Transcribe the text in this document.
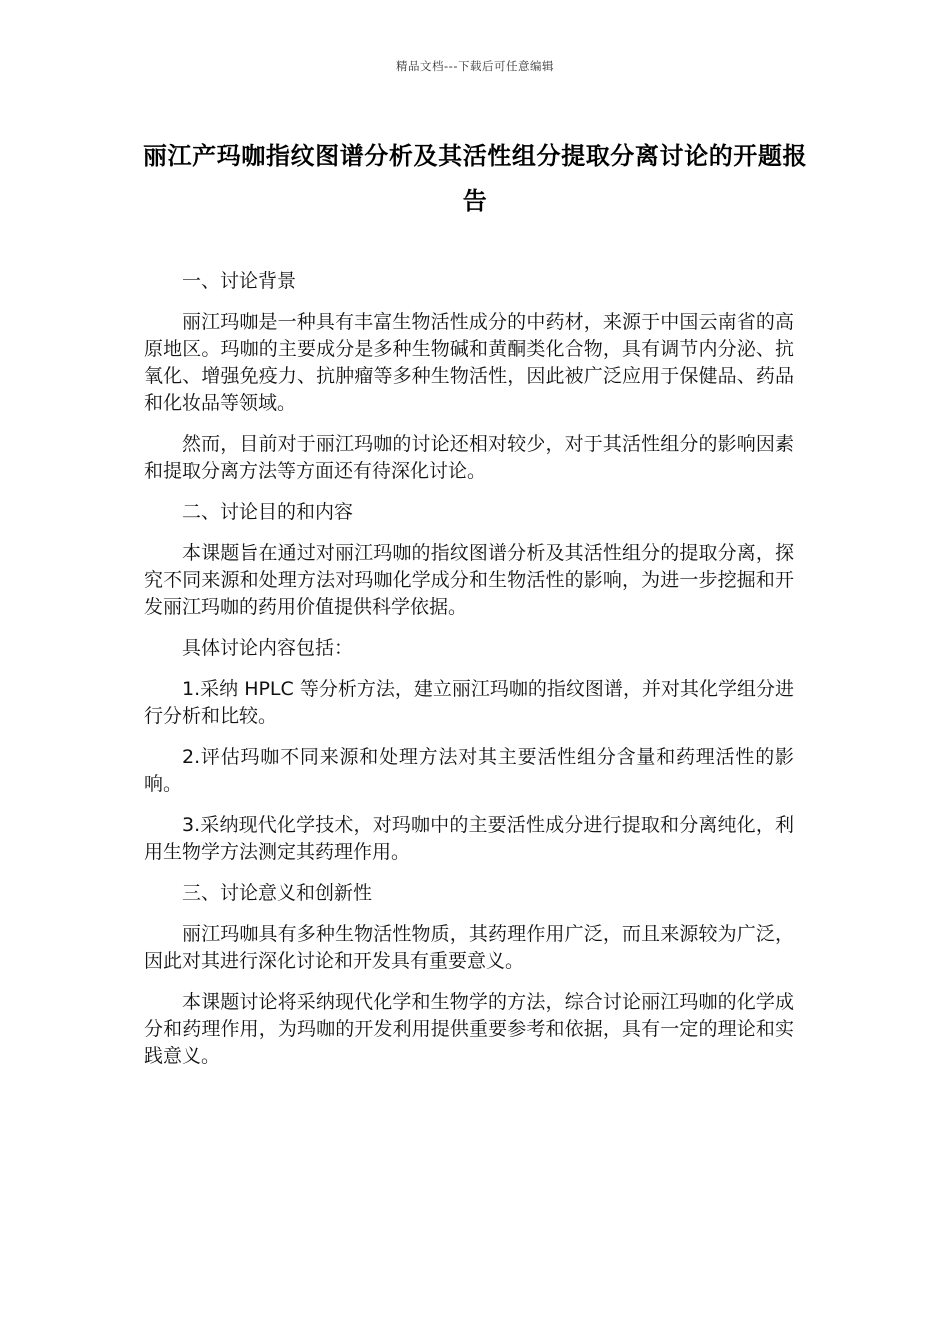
精品文档---下载后可任意编辑
丽江产玛咖指纹图谱分析及其活性组分提取分离讨论的开题报告

一、讨论背景

丽江玛咖是一种具有丰富生物活性成分的中药材，来源于中国云南省的高原地区。玛咖的主要成分是多种生物碱和黄酮类化合物，具有调节内分泌、抗氧化、增强免疫力、抗肿瘤等多种生物活性，因此被广泛应用于保健品、药品和化妆品等领域。

然而，目前对于丽江玛咖的讨论还相对较少，对于其活性组分的影响因素和提取分离方法等方面还有待深化讨论。

二、讨论目的和内容

本课题旨在通过对丽江玛咖的指纹图谱分析及其活性组分的提取分离，探究不同来源和处理方法对玛咖化学成分和生物活性的影响，为进一步挖掘和开发丽江玛咖的药用价值提供科学依据。

具体讨论内容包括：

1.采纳 HPLC 等分析方法，建立丽江玛咖的指纹图谱，并对其化学组分进行分析和比较。

2.评估玛咖不同来源和处理方法对其主要活性组分含量和药理活性的影响。

3.采纳现代化学技术，对玛咖中的主要活性成分进行提取和分离纯化，利用生物学方法测定其药理作用。

三、讨论意义和创新性

丽江玛咖具有多种生物活性物质，其药理作用广泛，而且来源较为广泛，因此对其进行深化讨论和开发具有重要意义。

本课题讨论将采纳现代化学和生物学的方法，综合讨论丽江玛咖的化学成分和药理作用，为玛咖的开发利用提供重要参考和依据，具有一定的理论和实践意义。
